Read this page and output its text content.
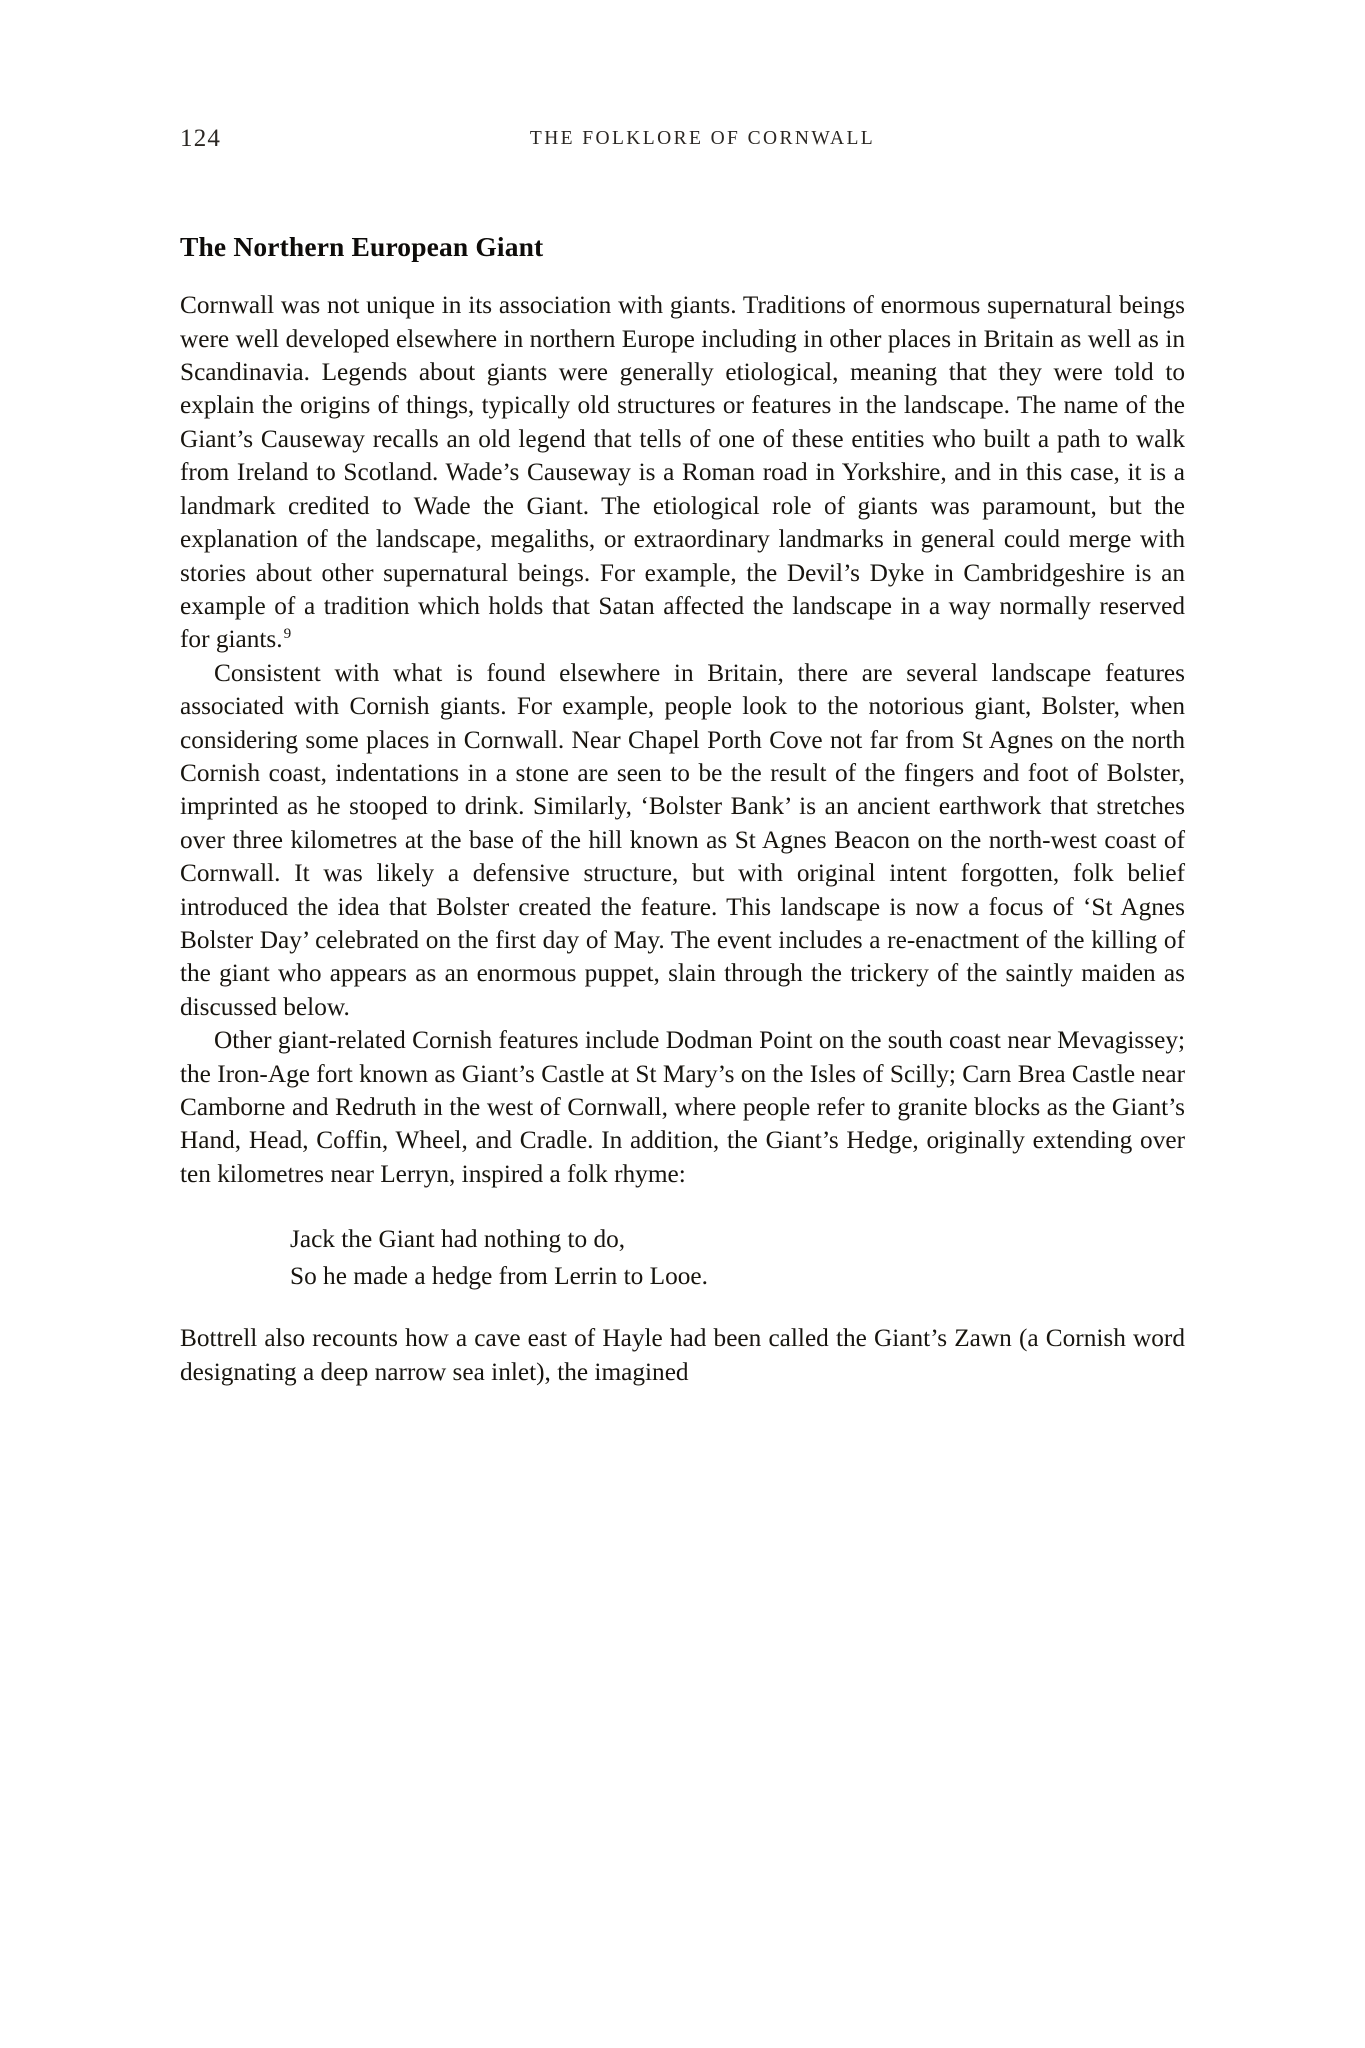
124	THE FOLKLORE OF CORNWALL
The Northern European Giant

Cornwall was not unique in its association with giants. Traditions of enormous supernatural beings were well developed elsewhere in northern Europe including in other places in Britain as well as in Scandinavia. Legends about giants were generally etiological, meaning that they were told to explain the origins of things, typically old structures or features in the landscape. The name of the Giant’s Causeway recalls an old legend that tells of one of these entities who built a path to walk from Ireland to Scotland. Wade’s Causeway is a Roman road in Yorkshire, and in this case, it is a landmark credited to Wade the Giant. The etiological role of giants was paramount, but the explanation of the landscape, megaliths, or extraordinary landmarks in general could merge with stories about other supernatural beings. For example, the Devil’s Dyke in Cambridgeshire is an example of a tradition which holds that Satan affected the landscape in a way normally reserved for giants.$^9$

Consistent with what is found elsewhere in Britain, there are several landscape features associated with Cornish giants. For example, people look to the notorious giant, Bolster, when considering some places in Cornwall. Near Chapel Porth Cove not far from St Agnes on the north Cornish coast, indentations in a stone are seen to be the result of the fingers and foot of Bolster, imprinted as he stooped to drink. Similarly, ‘Bolster Bank’ is an ancient earthwork that stretches over three kilometres at the base of the hill known as St Agnes Beacon on the north-west coast of Cornwall. It was likely a defensive structure, but with original intent forgotten, folk belief introduced the idea that Bolster created the feature. This landscape is now a focus of ‘St Agnes Bolster Day’ celebrated on the first day of May. The event includes a re-enactment of the killing of the giant who appears as an enormous puppet, slain through the trickery of the saintly maiden as discussed below.

Other giant-related Cornish features include Dodman Point on the south coast near Mevagissey; the Iron-Age fort known as Giant’s Castle at St Mary’s on the Isles of Scilly; Carn Brea Castle near Camborne and Redruth in the west of Cornwall, where people refer to granite blocks as the Giant’s Hand, Head, Coffin, Wheel, and Cradle. In addition, the Giant’s Hedge, originally extending over ten kilometres near Lerryn, inspired a folk rhyme:

Jack the Giant had nothing to do,
So he made a hedge from Lerrin to Looe.

Bottrell also recounts how a cave east of Hayle had been called the Giant’s Zawn (a Cornish word designating a deep narrow sea inlet), the imagined
